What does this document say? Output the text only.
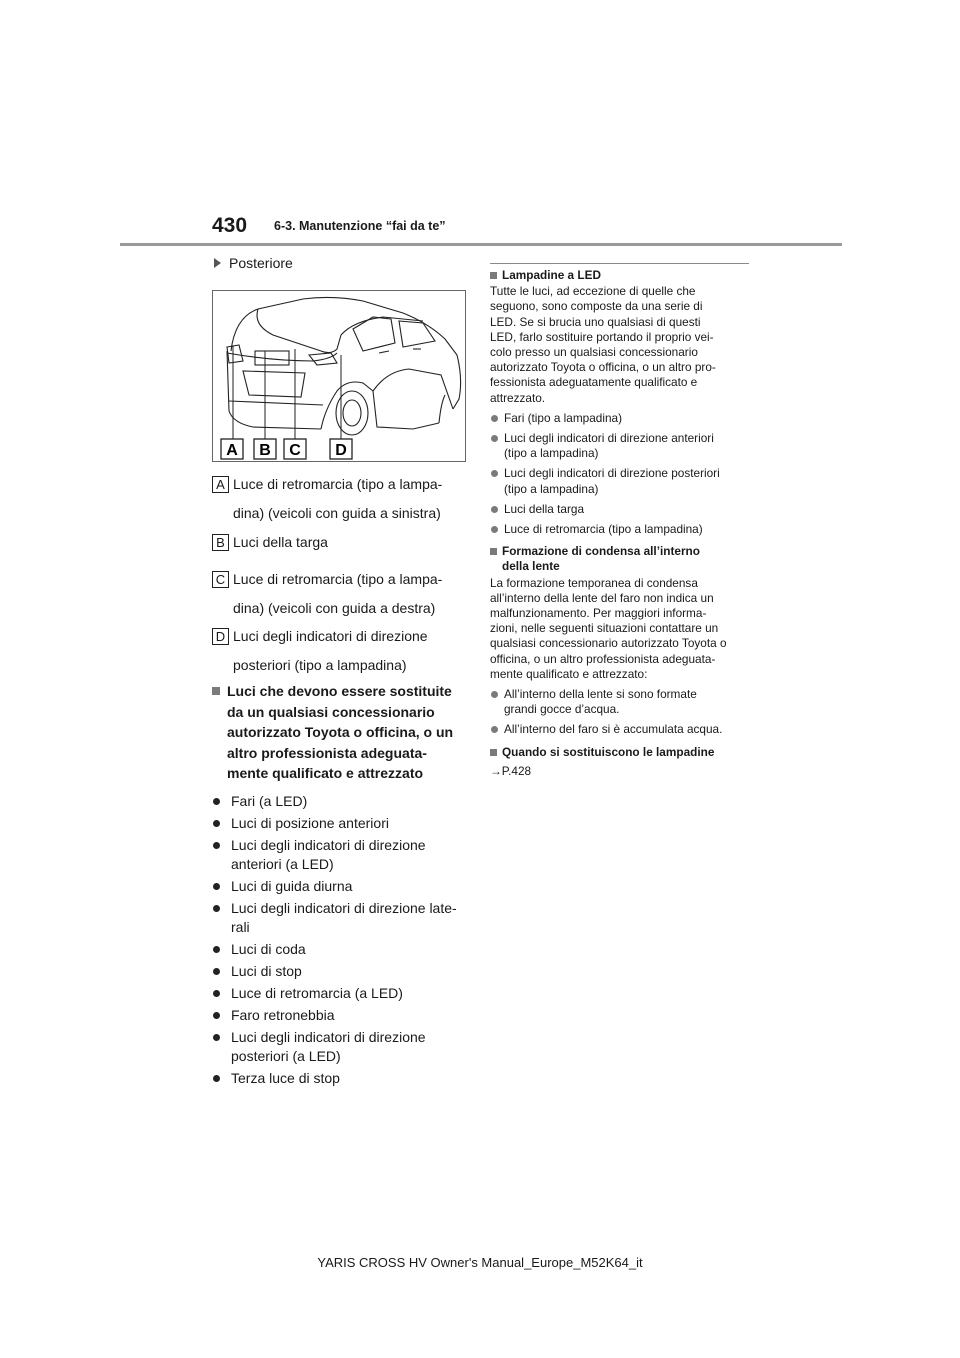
430 6-3. Manutenzione “fai da te”
Posteriore
A B C D
A Luce di retromarcia (tipo a lampa-
dina) (veicoli con guida a sinistra)
B Luci della targa
C Luce di retromarcia (tipo a lampa-
dina) (veicoli con guida a destra)
D Luci degli indicatori di direzione
posteriori (tipo a lampadina)
Luci che devono essere sostituite
da un qualsiasi concessionario
autorizzato Toyota o officina, o un
altro professionista adeguata-
mente qualificato e attrezzato
Fari (a LED)
Luci di posizione anteriori
Luci degli indicatori di direzione
anteriori (a LED)
Luci di guida diurna
Luci degli indicatori di direzione late-
rali
Luci di coda
Luci di stop
Luce di retromarcia (a LED)
Faro retronebbia
Luci degli indicatori di direzione
posteriori (a LED)
Terza luce di stop
Lampadine a LED
Tutte le luci, ad eccezione di quelle che
seguono, sono composte da una serie di
LED. Se si brucia uno qualsiasi di questi
LED, farlo sostituire portando il proprio vei-
colo presso un qualsiasi concessionario
autorizzato Toyota o officina, o un altro pro-
fessionista adeguatamente qualificato e
attrezzato.
Fari (tipo a lampadina)
Luci degli indicatori di direzione anteriori
(tipo a lampadina)
Luci degli indicatori di direzione posteriori
(tipo a lampadina)
Luci della targa
Luce di retromarcia (tipo a lampadina)
Formazione di condensa all’interno
della lente
La formazione temporanea di condensa
all’interno della lente del faro non indica un
malfunzionamento. Per maggiori informa-
zioni, nelle seguenti situazioni contattare un
qualsiasi concessionario autorizzato Toyota o
officina, o un altro professionista adeguata-
mente qualificato e attrezzato:
All’interno della lente si sono formate
grandi gocce d’acqua.
All’interno del faro si è accumulata acqua.
Quando si sostituiscono le lampadine
→P.428
YARIS CROSS HV Owner's Manual_Europe_M52K64_it
